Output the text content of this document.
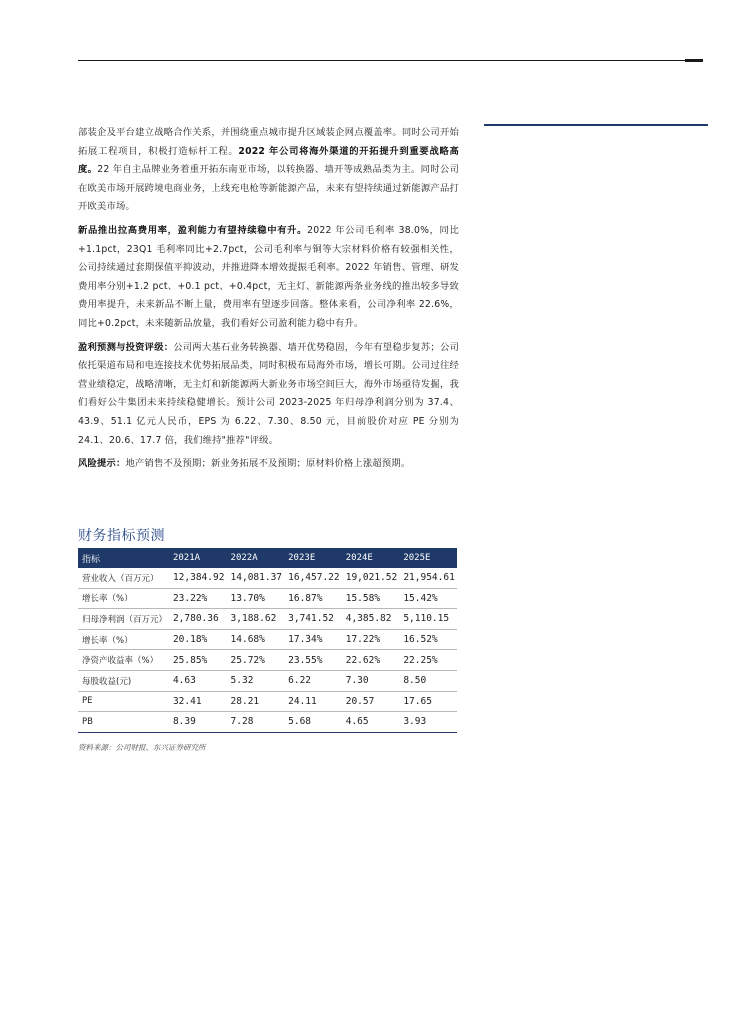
部装企及平台建立战略合作关系，并围绕重点城市提升区域装企网点覆盖率。同时公司开始拓展工程项目，积极打造标杆工程。2022 年公司将海外渠道的开拓提升到重要战略高度。22 年自主品牌业务着重开拓东南亚市场，以转换器、墙开等成熟品类为主。同时公司在欧美市场开展跨境电商业务，上线充电枪等新能源产品，未来有望持续通过新能源产品打开欧美市场。

新品推出拉高费用率，盈利能力有望持续稳中有升。2022 年公司毛利率 38.0%，同比+1.1pct，23Q1 毛利率同比+2.7pct，公司毛利率与铜等大宗材料价格有较强相关性，公司持续通过套期保值平抑波动，并推进降本增效提振毛利率。2022 年销售、管理、研发费用率分别+1.2 pct、+0.1 pct、+0.4pct，无主灯、新能源两条业务线的推出较多导致费用率提升，未来新品不断上量，费用率有望逐步回落。整体来看，公司净利率 22.6%，同比+0.2pct，未来随新品放量，我们看好公司盈利能力稳中有升。

盈利预测与投资评级：公司两大基石业务转换器、墙开优势稳固，今年有望稳步复苏；公司依托渠道布局和电连接技术优势拓展品类，同时积极布局海外市场，增长可期。公司过往经营业绩稳定，战略清晰，无主灯和新能源两大新业务市场空间巨大，海外市场亟待发掘，我们看好公牛集团未来持续稳健增长。预计公司 2023-2025 年归母净利润分别为 37.4、43.9、51.1 亿元人民币，EPS 为 6.22、7.30、8.50 元，目前股价对应 PE 分别为 24.1、20.6、17.7 倍，我们维持"推荐"评级。

风险提示：地产销售不及预期；新业务拓展不及预期；原材料价格上涨超预期。

财务指标预测
指标	2021A	2022A	2023E	2024E	2025E
营业收入（百万元）	12,384.92	14,081.37	16,457.22	19,021.52	21,954.61
增长率（%）	23.22%	13.70%	16.87%	15.58%	15.42%
归母净利润（百万元）	2,780.36	3,188.62	3,741.52	4,385.82	5,110.15
增长率（%）	20.18%	14.68%	17.34%	17.22%	16.52%
净资产收益率（%）	25.85%	25.72%	23.55%	22.62%	22.25%
每股收益(元)	4.63	5.32	6.22	7.30	8.50
PE	32.41	28.21	24.11	20.57	17.65
PB	8.39	7.28	5.68	4.65	3.93
资料来源：公司财报、东兴证券研究所
